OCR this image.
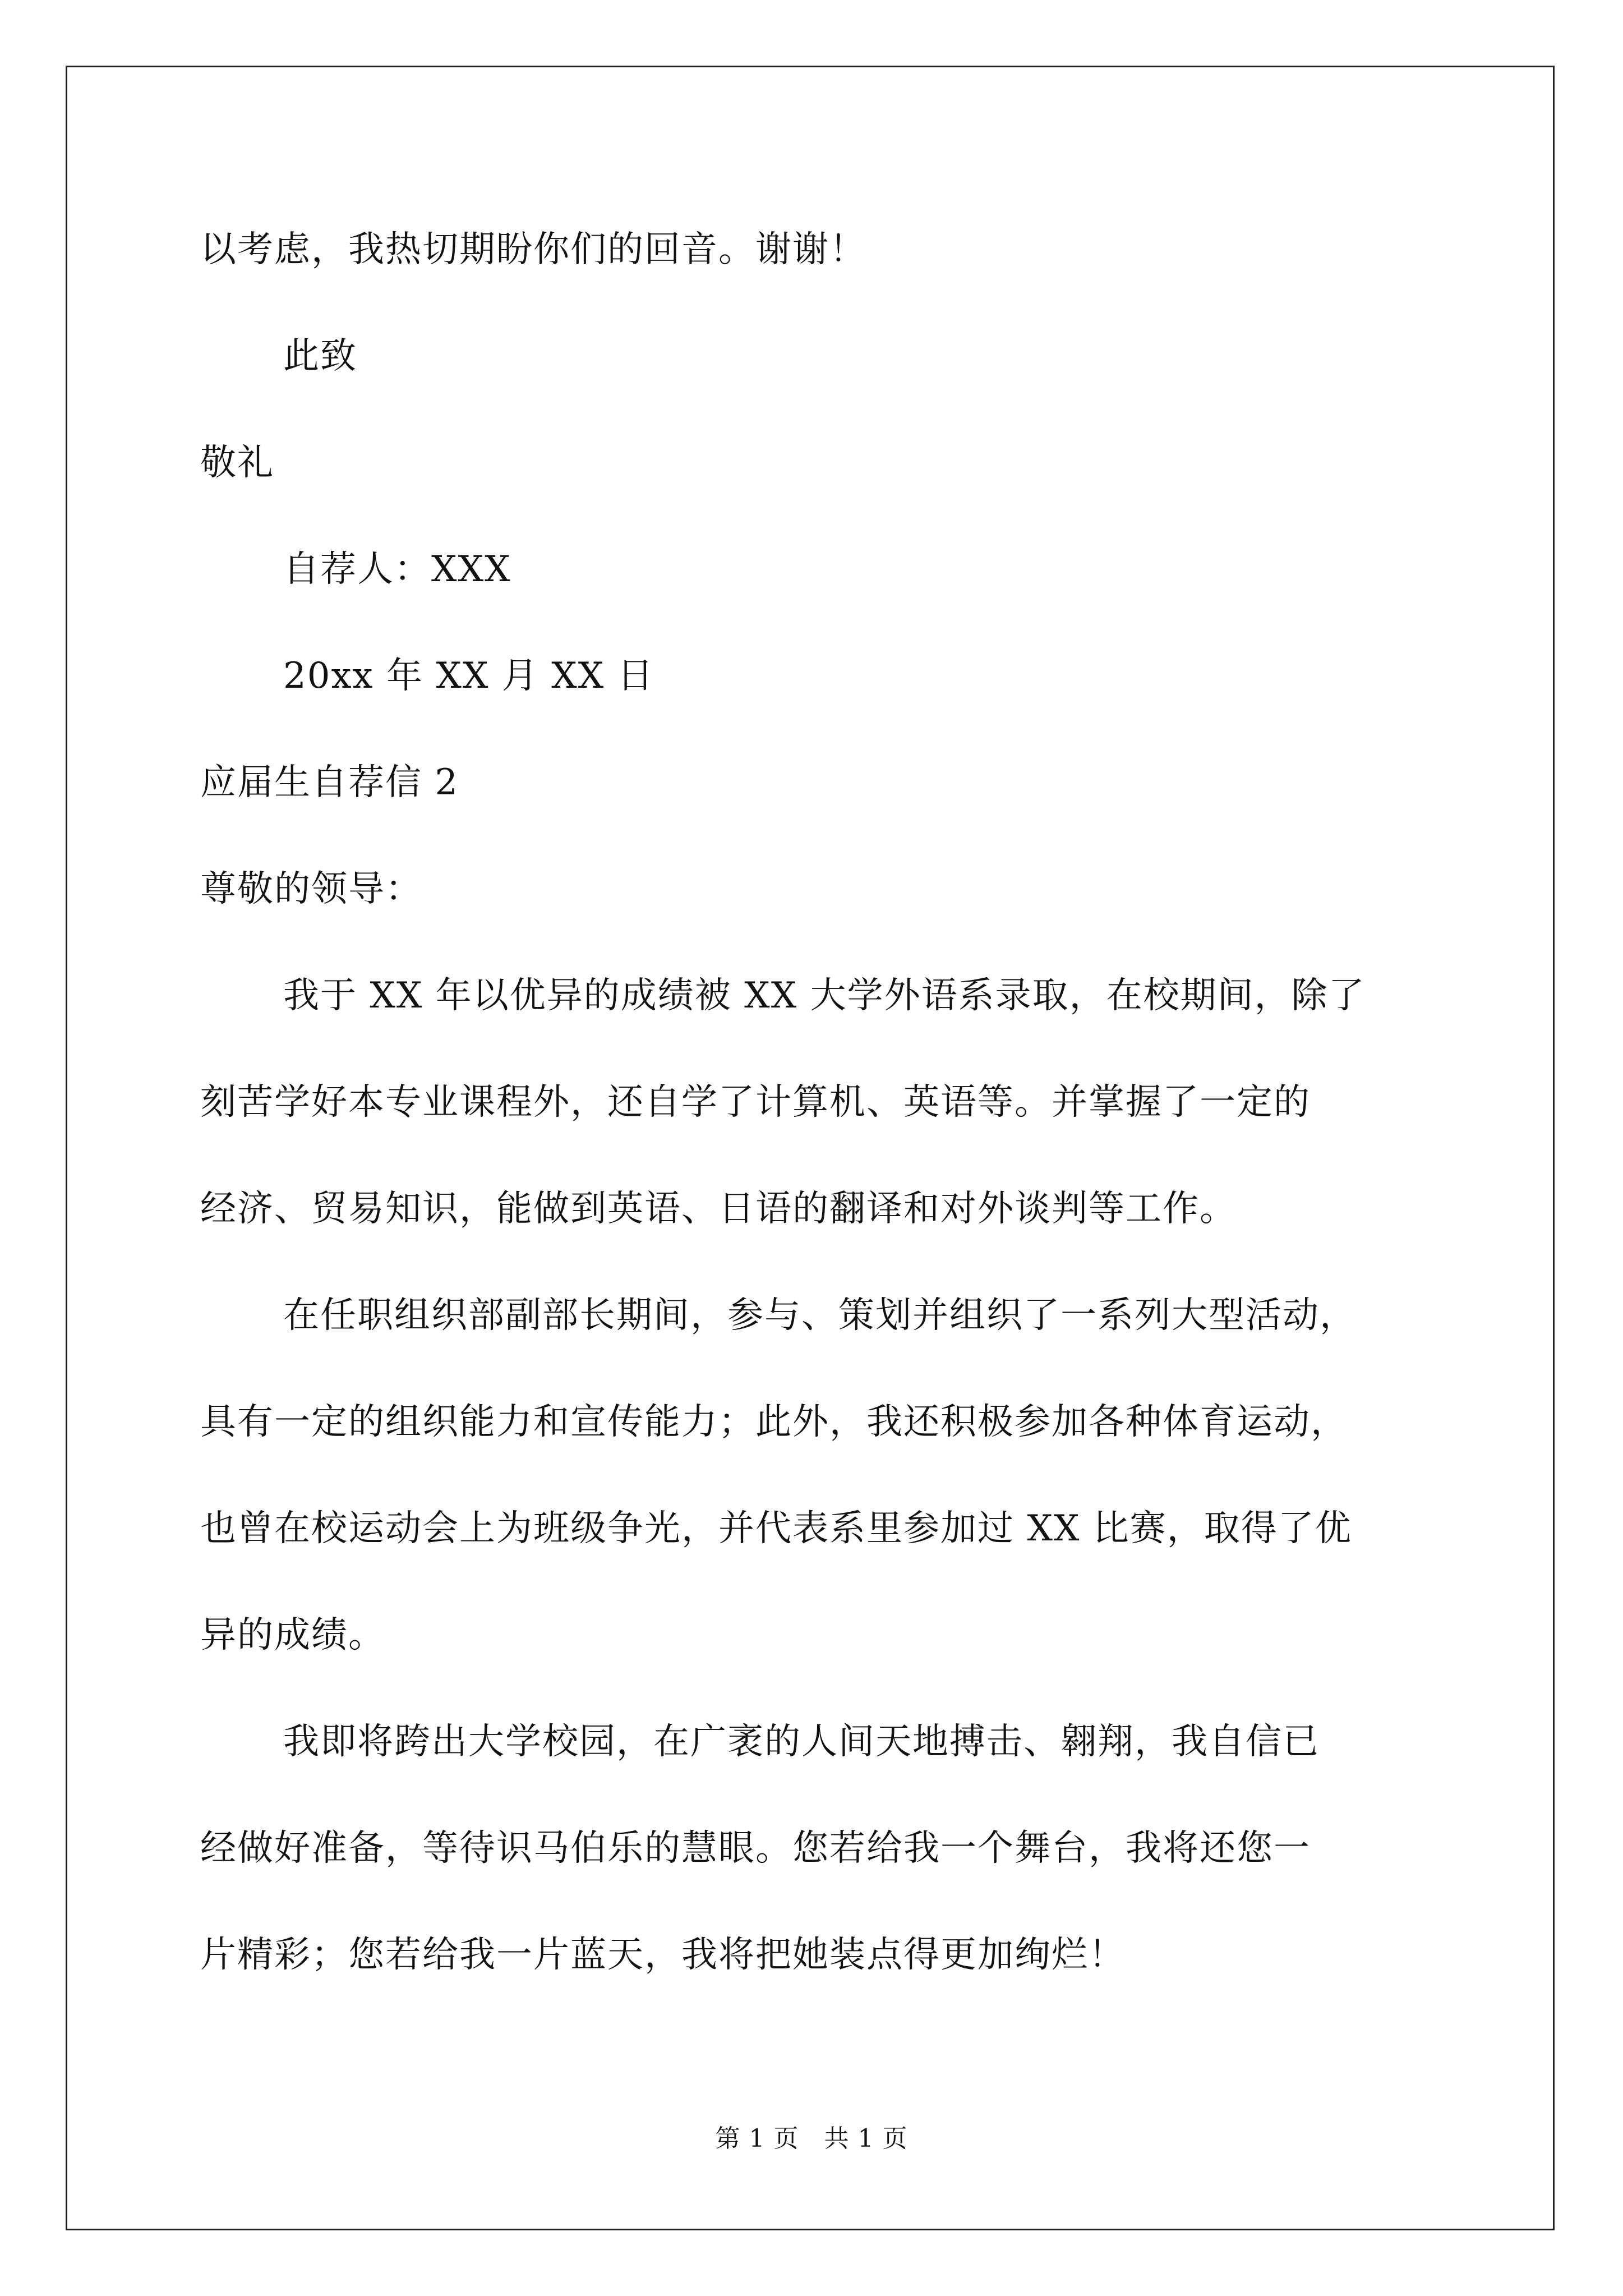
以考虑，我热切期盼你们的回音。谢谢！
此致
敬礼
自荐人：XXX
20xx 年 XX 月 XX 日
应届生自荐信 2
尊敬的领导：
我于 XX 年以优异的成绩被 XX 大学外语系录取，在校期间，除了
刻苦学好本专业课程外，还自学了计算机、英语等。并掌握了一定的
经济、贸易知识，能做到英语、日语的翻译和对外谈判等工作。
在任职组织部副部长期间，参与、策划并组织了一系列大型活动，
具有一定的组织能力和宣传能力；此外，我还积极参加各种体育运动，
也曾在校运动会上为班级争光，并代表系里参加过 XX 比赛，取得了优
异的成绩。
我即将跨出大学校园，在广袤的人间天地搏击、翱翔，我自信已
经做好准备，等待识马伯乐的慧眼。您若给我一个舞台，我将还您一
片精彩；您若给我一片蓝天，我将把她装点得更加绚烂！
第 1 页　共 1 页
